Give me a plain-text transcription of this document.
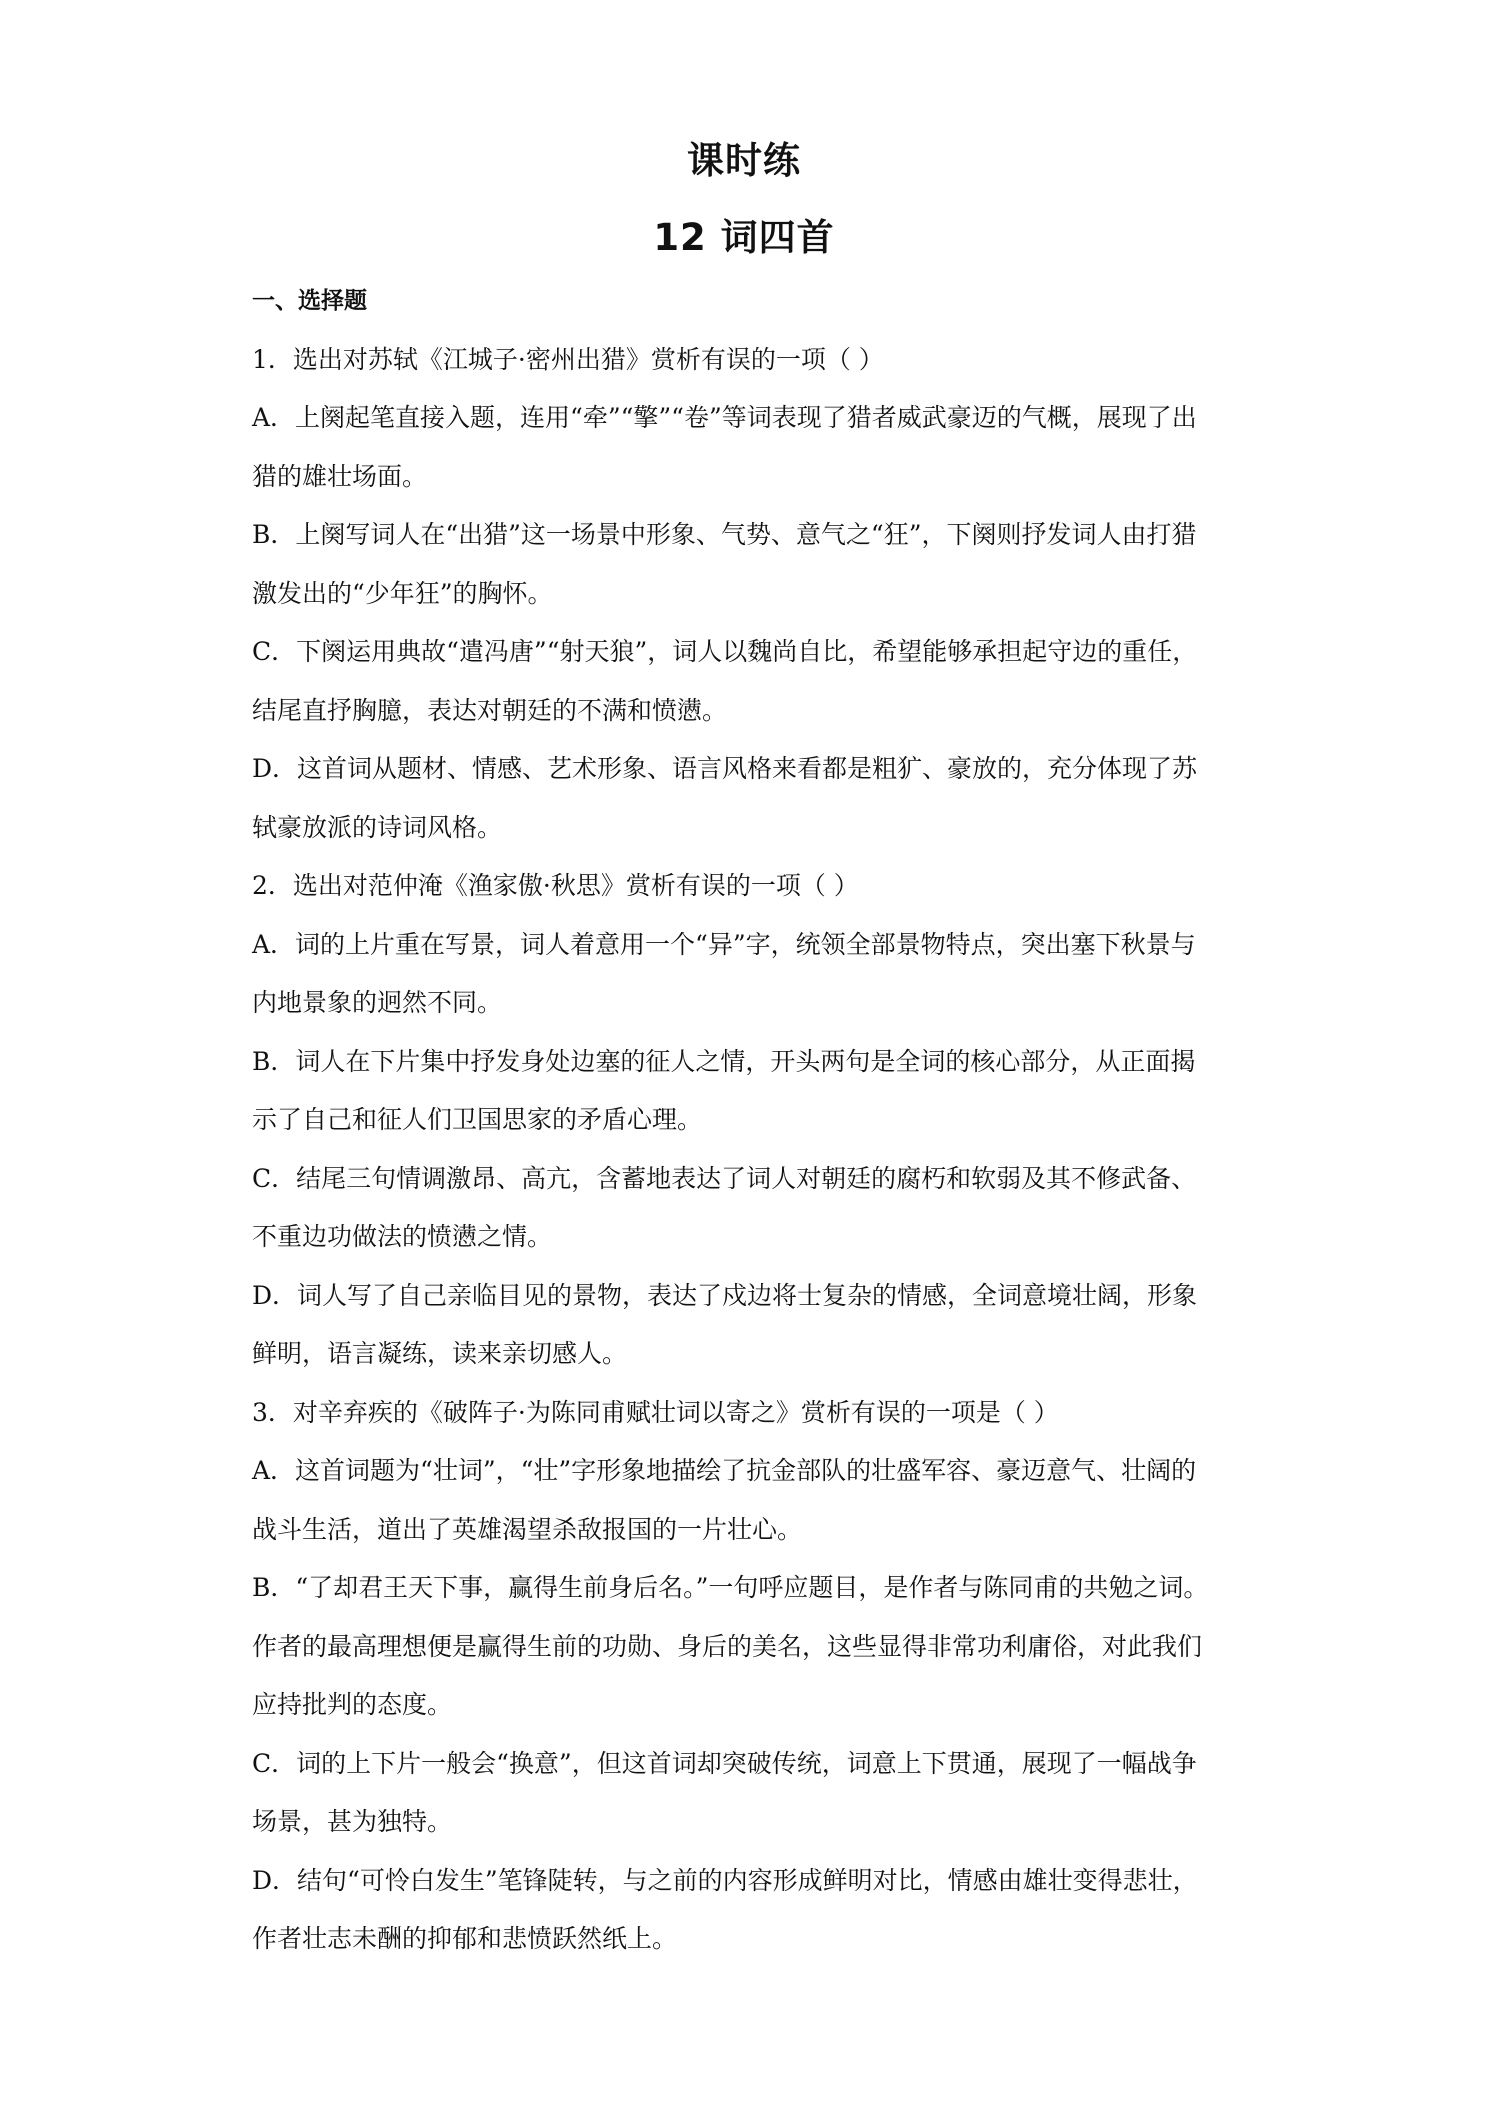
课时练
12 词四首

一、选择题

1．选出对苏轼《江城子·密州出猎》赏析有误的一项（ ）

A．上阕起笔直接入题，连用“牵”“擎”“卷”等词表现了猎者威武豪迈的气概，展现了出

猎的雄壮场面。

B．上阕写词人在“出猎”这一场景中形象、气势、意气之“狂”，下阕则抒发词人由打猎

激发出的“少年狂”的胸怀。

C．下阕运用典故“遣冯唐”“射天狼”，词人以魏尚自比，希望能够承担起守边的重任，

结尾直抒胸臆，表达对朝廷的不满和愤懑。

D．这首词从题材、情感、艺术形象、语言风格来看都是粗犷、豪放的，充分体现了苏

轼豪放派的诗词风格。

2．选出对范仲淹《渔家傲·秋思》赏析有误的一项（ ）

A．词的上片重在写景，词人着意用一个“异”字，统领全部景物特点，突出塞下秋景与

内地景象的迥然不同。

B．词人在下片集中抒发身处边塞的征人之情，开头两句是全词的核心部分，从正面揭

示了自己和征人们卫国思家的矛盾心理。

C．结尾三句情调激昂、高亢，含蓄地表达了词人对朝廷的腐朽和软弱及其不修武备、

不重边功做法的愤懑之情。

D．词人写了自己亲临目见的景物，表达了戍边将士复杂的情感，全词意境壮阔，形象

鲜明，语言凝练，读来亲切感人。

3．对辛弃疾的《破阵子·为陈同甫赋壮词以寄之》赏析有误的一项是（ ）

A．这首词题为“壮词”，“壮”字形象地描绘了抗金部队的壮盛军容、豪迈意气、壮阔的

战斗生活，道出了英雄渴望杀敌报国的一片壮心。

B．“了却君王天下事，赢得生前身后名。”一句呼应题目，是作者与陈同甫的共勉之词。

作者的最高理想便是赢得生前的功勋、身后的美名，这些显得非常功利庸俗，对此我们

应持批判的态度。

C．词的上下片一般会“换意”，但这首词却突破传统，词意上下贯通，展现了一幅战争

场景，甚为独特。

D．结句“可怜白发生”笔锋陡转，与之前的内容形成鲜明对比，情感由雄壮变得悲壮，

作者壮志未酬的抑郁和悲愤跃然纸上。
